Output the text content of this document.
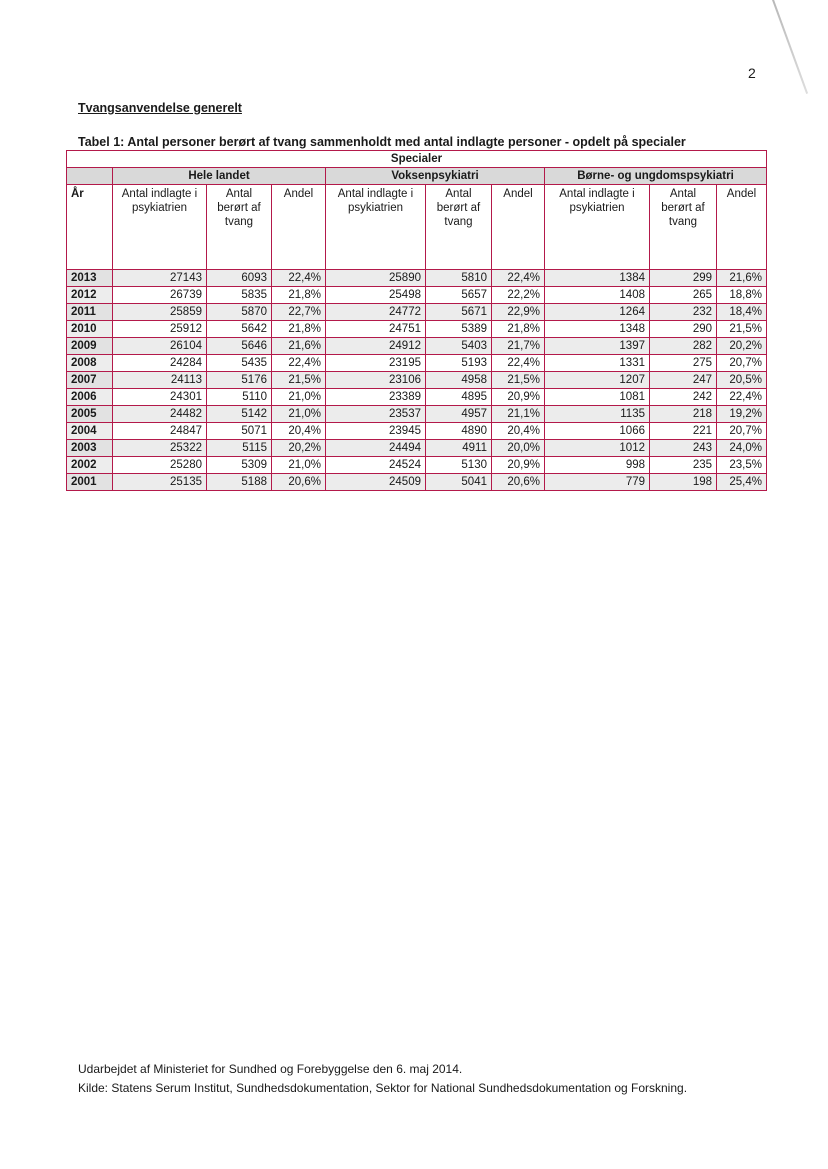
2
Tvangsanvendelse generelt
Tabel 1: Antal personer berørt af tvang sammenholdt med antal indlagte personer - opdelt på specialer
Specialer									
	Hele landet			Voksenpsykiatri			Børne- og ungdomspsykiatri		
År	Antal indlagte i psykiatrien	Antal berørt af tvang	Andel	Antal indlagte i psykiatrien	Antal berørt af tvang	Andel	Antal indlagte i psykiatrien	Antal berørt af tvang	Andel
2013	27143	6093	22,4%	25890	5810	22,4%	1384	299	21,6%
2012	26739	5835	21,8%	25498	5657	22,2%	1408	265	18,8%
2011	25859	5870	22,7%	24772	5671	22,9%	1264	232	18,4%
2010	25912	5642	21,8%	24751	5389	21,8%	1348	290	21,5%
2009	26104	5646	21,6%	24912	5403	21,7%	1397	282	20,2%
2008	24284	5435	22,4%	23195	5193	22,4%	1331	275	20,7%
2007	24113	5176	21,5%	23106	4958	21,5%	1207	247	20,5%
2006	24301	5110	21,0%	23389	4895	20,9%	1081	242	22,4%
2005	24482	5142	21,0%	23537	4957	21,1%	1135	218	19,2%
2004	24847	5071	20,4%	23945	4890	20,4%	1066	221	20,7%
2003	25322	5115	20,2%	24494	4911	20,0%	1012	243	24,0%
2002	25280	5309	21,0%	24524	5130	20,9%	998	235	23,5%
2001	25135	5188	20,6%	24509	5041	20,6%	779	198	25,4%
Udarbejdet af Ministeriet for Sundhed og Forebyggelse den 6. maj 2014.
Kilde: Statens Serum Institut, Sundhedsdokumentation, Sektor for National Sundhedsdokumentation og Forskning.
